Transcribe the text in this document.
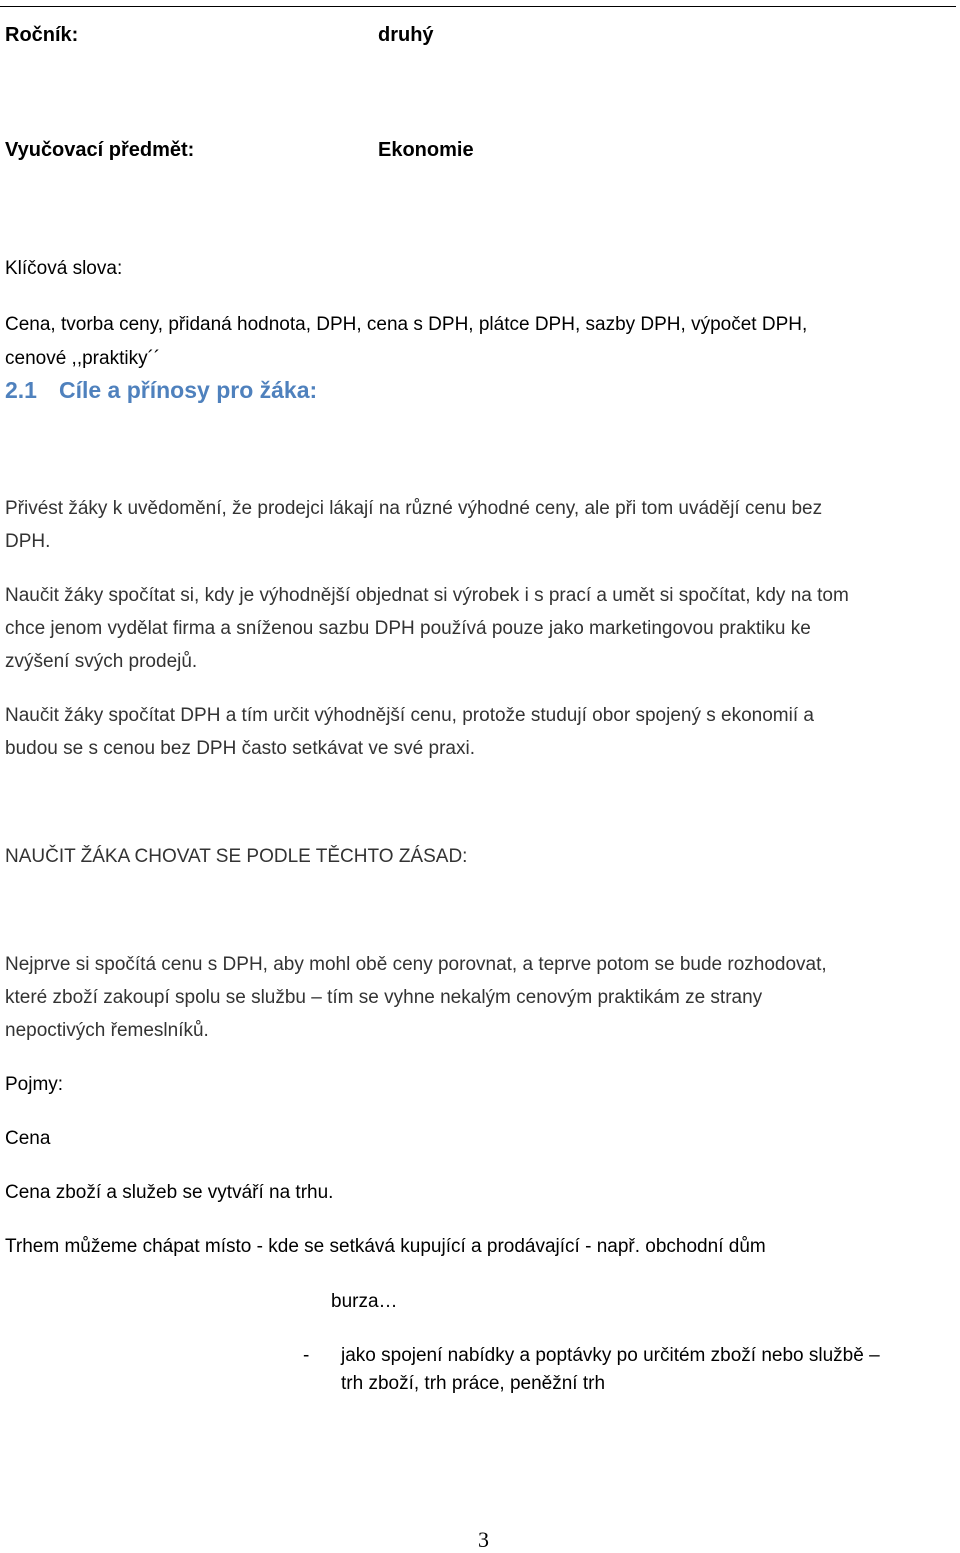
Ročník:	druhý
Vyučovací předmět:	Ekonomie
Klíčová slova:
Cena, tvorba ceny, přidaná hodnota, DPH, cena s DPH, plátce DPH, sazby DPH, výpočet DPH,
cenové ,,praktiky´´
2.1 Cíle a přínosy pro žáka:
Přivést žáky k uvědomění, že prodejci lákají na různé výhodné ceny, ale při tom uvádějí cenu bez
DPH.
Naučit žáky spočítat si, kdy je výhodnější objednat si výrobek i s prací a umět si spočítat, kdy na tom
chce jenom vydělat firma a sníženou sazbu DPH používá pouze jako marketingovou praktiku ke
zvýšení svých prodejů.
Naučit žáky spočítat DPH a tím určit výhodnější cenu, protože studují obor spojený s ekonomií a
budou se s cenou bez DPH často setkávat ve své praxi.
NAUČIT ŽÁKA CHOVAT SE PODLE TĚCHTO ZÁSAD:
Nejprve si spočítá cenu s DPH, aby mohl obě ceny porovnat, a teprve potom se bude rozhodovat,
které zboží zakoupí spolu se službu – tím se vyhne nekalým cenovým praktikám ze strany
nepoctivých řemeslníků.
Pojmy:
Cena
Cena zboží a služeb se vytváří na trhu.
Trhem můžeme chápat místo - kde se setkává kupující a prodávající - např. obchodní dům
burza…
- jako spojení nabídky a poptávky po určitém zboží nebo službě –
trh zboží, trh práce, peněžní trh
3
